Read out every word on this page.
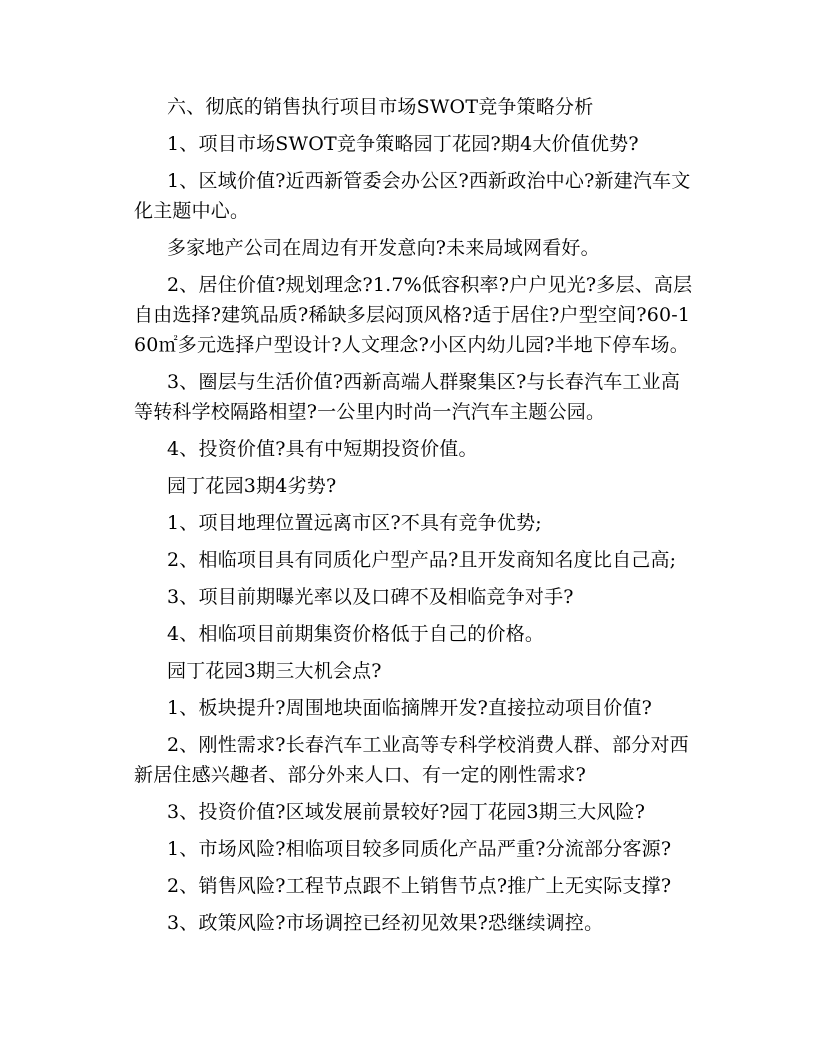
六、彻底的销售执行项目市场SWOT竞争策略分析

1、项目市场SWOT竞争策略园丁花园?期4大价值优势?

1、区域价值?近西新管委会办公区?西新政治中心?新建汽车文化主题中心。

多家地产公司在周边有开发意向?未来局域网看好。

2、居住价值?规划理念?1.7%低容积率?户户见光?多层、高层自由选择?建筑品质?稀缺多层闷顶风格?适于居住?户型空间?60-160㎡多元选择户型设计?人文理念?小区内幼儿园?半地下停车场。

3、圈层与生活价值?西新高端人群聚集区?与长春汽车工业高等转科学校隔路相望?一公里内时尚一汽汽车主题公园。

4、投资价值?具有中短期投资价值。

园丁花园3期4劣势?

1、项目地理位置远离市区?不具有竞争优势;

2、相临项目具有同质化户型产品?且开发商知名度比自己高;

3、项目前期曝光率以及口碑不及相临竞争对手?

4、相临项目前期集资价格低于自己的价格。

园丁花园3期三大机会点?

1、板块提升?周围地块面临摘牌开发?直接拉动项目价值?

2、刚性需求?长春汽车工业高等专科学校消费人群、部分对西新居住感兴趣者、部分外来人口、有一定的刚性需求?

3、投资价值?区域发展前景较好?园丁花园3期三大风险?

1、市场风险?相临项目较多同质化产品严重?分流部分客源?

2、销售风险?工程节点跟不上销售节点?推广上无实际支撑?

3、政策风险?市场调控已经初见效果?恐继续调控。
